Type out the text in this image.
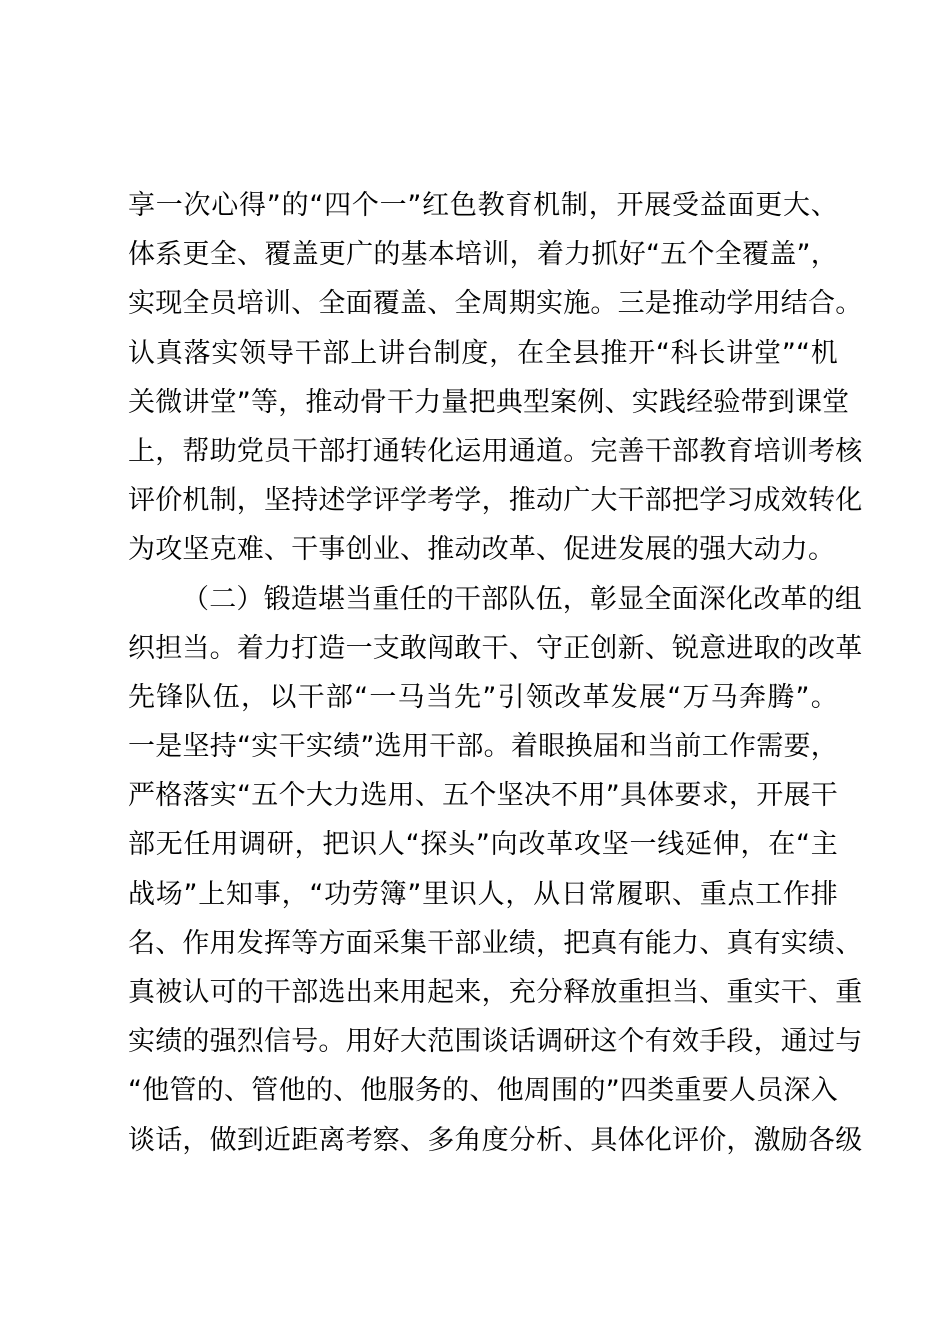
享一次心得”的“四个一”红色教育机制，开展受益面更大、
体系更全、覆盖更广的基本培训，着力抓好“五个全覆盖”，
实现全员培训、全面覆盖、全周期实施。三是推动学用结合。
认真落实领导干部上讲台制度，在全县推开“科长讲堂”“机
关微讲堂”等，推动骨干力量把典型案例、实践经验带到课堂
上，帮助党员干部打通转化运用通道。完善干部教育培训考核
评价机制，坚持述学评学考学，推动广大干部把学习成效转化
为攻坚克难、干事创业、推动改革、促进发展的强大动力。
（二）锻造堪当重任的干部队伍，彰显全面深化改革的组
织担当。着力打造一支敢闯敢干、守正创新、锐意进取的改革
先锋队伍，以干部“一马当先”引领改革发展“万马奔腾”。
一是坚持“实干实绩”选用干部。着眼换届和当前工作需要，
严格落实“五个大力选用、五个坚决不用”具体要求，开展干
部无任用调研，把识人“探头”向改革攻坚一线延伸，在“主
战场”上知事，“功劳簿”里识人，从日常履职、重点工作排
名、作用发挥等方面采集干部业绩，把真有能力、真有实绩、
真被认可的干部选出来用起来，充分释放重担当、重实干、重
实绩的强烈信号。用好大范围谈话调研这个有效手段，通过与
“他管的、管他的、他服务的、他周围的”四类重要人员深入
谈话，做到近距离考察、多角度分析、具体化评价，激励各级
